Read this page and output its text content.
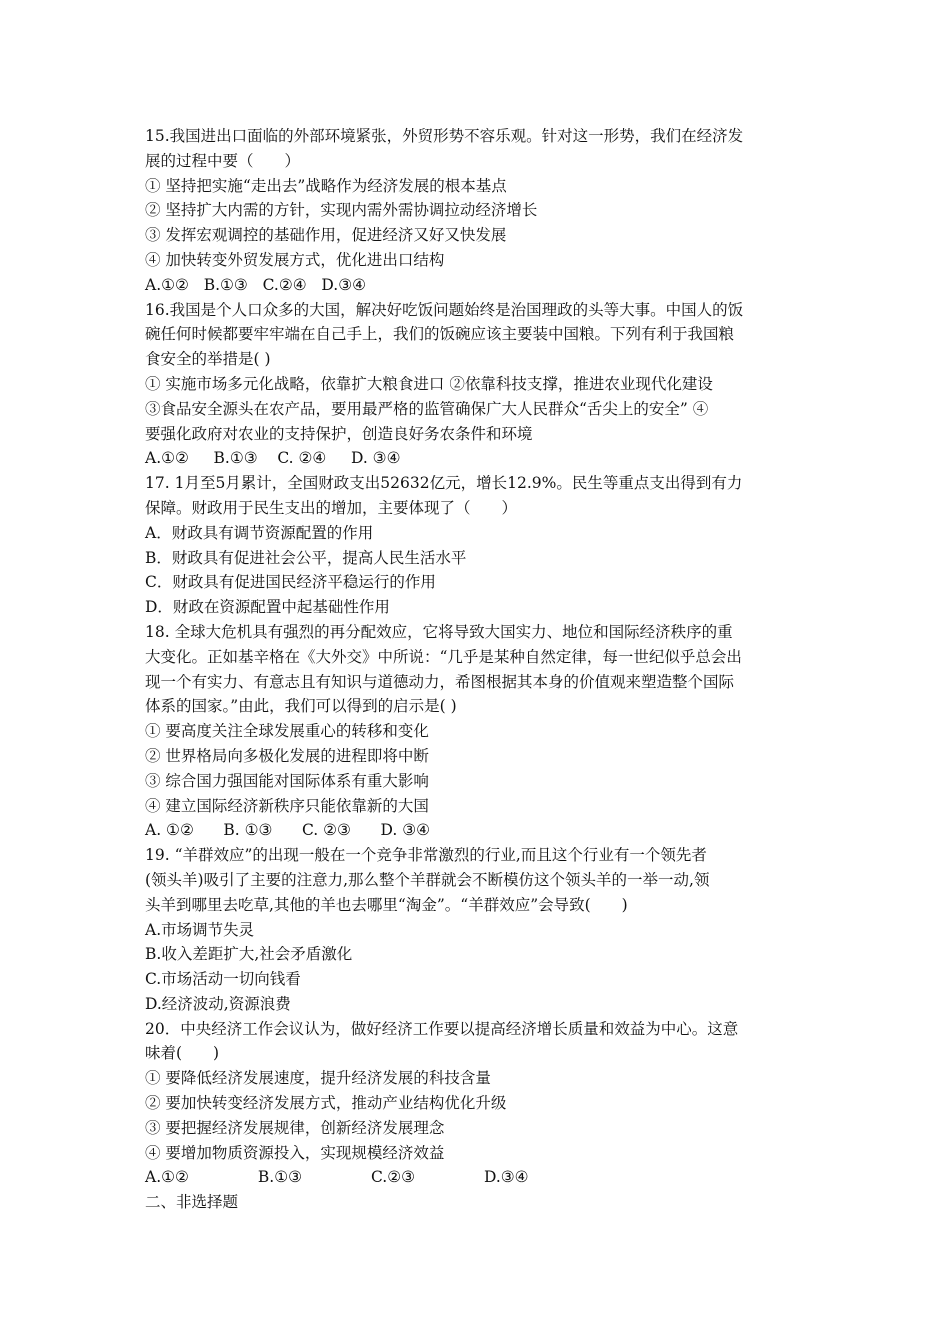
15.我国进出口面临的外部环境紧张，外贸形势不容乐观。针对这一形势，我们在经济发
展的过程中要（　　）
① 坚持把实施“走出去”战略作为经济发展的根本基点
② 坚持扩大内需的方针，实现内需外需协调拉动经济增长
③ 发挥宏观调控的基础作用，促进经济又好又快发展
④ 加快转变外贸发展方式，优化进出口结构
A.①②   B.①③   C.②④   D.③④
16.我国是个人口众多的大国，解决好吃饭问题始终是治国理政的头等大事。中国人的饭
碗任何时候都要牢牢端在自己手上，我们的饭碗应该主要装中国粮。下列有利于我国粮
食安全的举措是( )
① 实施市场多元化战略，依靠扩大粮食进口 ②依靠科技支撑，推进农业现代化建设
③食品安全源头在农产品，要用最严格的监管确保广大人民群众“舌尖上的安全” ④
要强化政府对农业的支持保护，创造良好务农条件和环境
A.①②     B.①③    C. ②④     D. ③④
17. 1月至5月累计，全国财政支出52632亿元，增长12.9%。民生等重点支出得到有力
保障。财政用于民生支出的增加，主要体现了（　　）
A．财政具有调节资源配置的作用
B．财政具有促进社会公平，提高人民生活水平
C．财政具有促进国民经济平稳运行的作用
D．财政在资源配置中起基础性作用
18. 全球大危机具有强烈的再分配效应，它将导致大国实力、地位和国际经济秩序的重
大变化。正如基辛格在《大外交》中所说：“几乎是某种自然定律，每一世纪似乎总会出
现一个有实力、有意志且有知识与道德动力，希图根据其本身的价值观来塑造整个国际
体系的国家。”由此，我们可以得到的启示是( )
① 要高度关注全球发展重心的转移和变化
② 世界格局向多极化发展的进程即将中断
③ 综合国力强国能对国际体系有重大影响
④ 建立国际经济新秩序只能依靠新的大国
A. ①②      B. ①③      C. ②③      D. ③④
19. “羊群效应”的出现一般在一个竞争非常激烈的行业,而且这个行业有一个领先者
(领头羊)吸引了主要的注意力,那么整个羊群就会不断模仿这个领头羊的一举一动,领
头羊到哪里去吃草,其他的羊也去哪里“淘金”。“羊群效应”会导致(　　)
A.市场调节失灵
B.收入差距扩大,社会矛盾激化
C.市场活动一切向钱看
D.经济波动,资源浪费
20．中央经济工作会议认为，做好经济工作要以提高经济增长质量和效益为中心。这意
味着(　　)
① 要降低经济发展速度，提升经济发展的科技含量
② 要加快转变经济发展方式，推动产业结构优化升级
③ 要把握经济发展规律，创新经济发展理念
④ 要增加物质资源投入，实现规模经济效益
A.①②              B.①③              C.②③              D.③④
二、非选择题
